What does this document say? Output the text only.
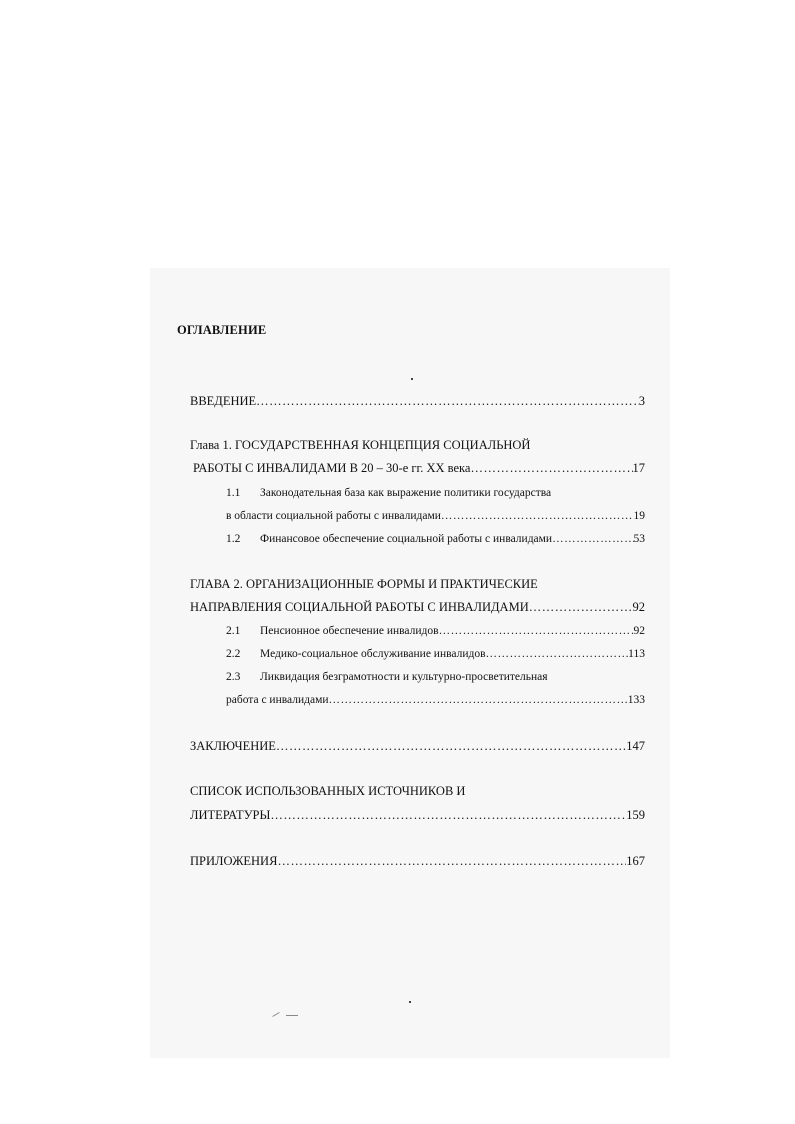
ОГЛАВЛЕНИЕ
ВВЕДЕНИЕ ………………………………………………………………………………………………………………………………………………………………	3
Глава 1. ГОСУДАРСТВЕННАЯ КОНЦЕПЦИЯ СОЦИАЛЬНОЙ
РАБОТЫ С ИНВАЛИДАМИ В 20 – 30-е гг. XX века ………………………………………………………………………………………………………………………………………………………………	17
1.1 Законодательная база как выражение политики государства
в области социальной работы с инвалидами ………………………………………………………………………………………………………………………………………………………………	19
1.2 Финансовое обеспечение социальной работы с инвалидами ………………………………………………………………………………………………………………………………………………………………	53
ГЛАВА 2. ОРГАНИЗАЦИОННЫЕ ФОРМЫ И ПРАКТИЧЕСКИЕ
НАПРАВЛЕНИЯ СОЦИАЛЬНОЙ РАБОТЫ С ИНВАЛИДАМИ ………………………………………………………………………………………………………………………………………………………………	92
2.1 Пенсионное обеспечение инвалидов ………………………………………………………………………………………………………………………………………………………………	92
2.2 Медико-социальное обслуживание инвалидов ………………………………………………………………………………………………………………………………………………………………	113
2.3 Ликвидация безграмотности и культурно-просветительная
работа с инвалидами ………………………………………………………………………………………………………………………………………………………………	133
ЗАКЛЮЧЕНИЕ ………………………………………………………………………………………………………………………………………………………………	147
СПИСОК ИСПОЛЬЗОВАННЫХ ИСТОЧНИКОВ И
ЛИТЕРАТУРЫ ………………………………………………………………………………………………………………………………………………………………	159
ПРИЛОЖЕНИЯ ………………………………………………………………………………………………………………………………………………………………	167
